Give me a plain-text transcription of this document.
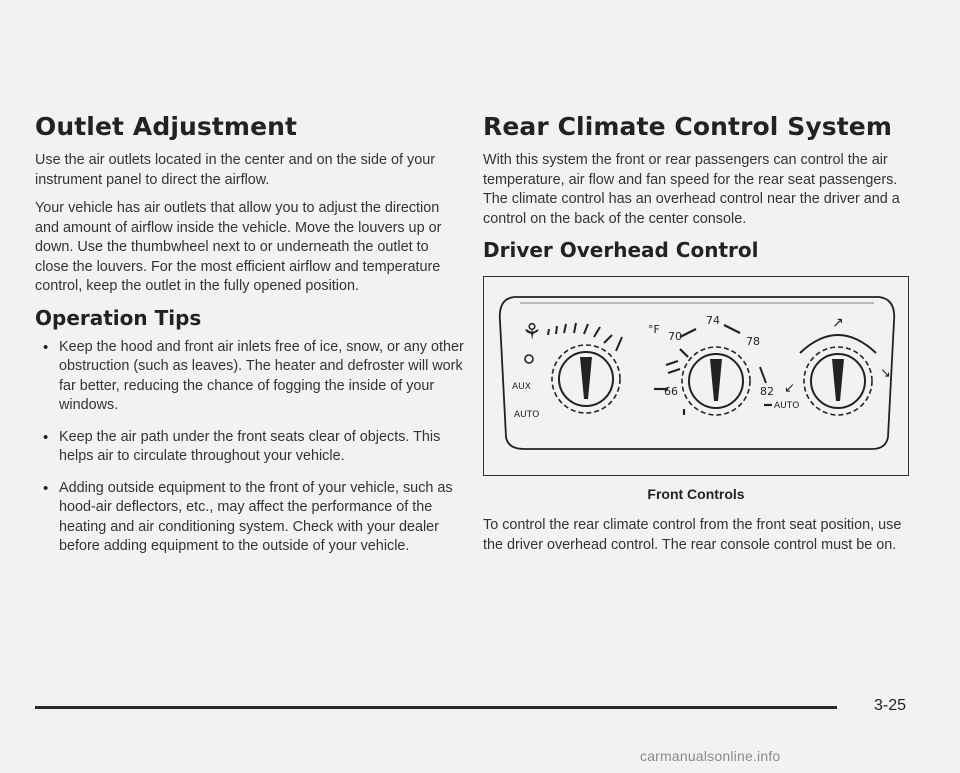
Outlet Adjustment

Use the air outlets located in the center and on the side of your instrument panel to direct the airflow.

Your vehicle has air outlets that allow you to adjust the direction and amount of airflow inside the vehicle. Move the louvers up or down. Use the thumbwheel next to or underneath the outlet to close the louvers. For the most efficient airflow and temperature control, keep the outlet in the fully opened position.

Operation Tips
• Keep the hood and front air inlets free of ice, snow, or any other obstruction (such as leaves). The heater and defroster will work far better, reducing the chance of fogging the inside of your windows.
• Keep the air path under the front seats clear of objects. This helps air to circulate throughout your vehicle.
• Adding outside equipment to the front of your vehicle, such as hood-air deflectors, etc., may affect the performance of the heating and air conditioning system. Check with your dealer before adding equipment to the outside of your vehicle.
Rear Climate Control System

With this system the front or rear passengers can control the air temperature, air flow and fan speed for the rear seat passengers. The climate control has an overhead control near the driver and a control on the back of the center console.

Driver Overhead Control
⚘
AUX
AUTO
°F
70
74
78
66	82
AUTO
↗
↙
↘
Front Controls

To control the rear climate control from the front seat position, use the driver overhead control. The rear console control must be on.

3-25
carmanualsonline.info
